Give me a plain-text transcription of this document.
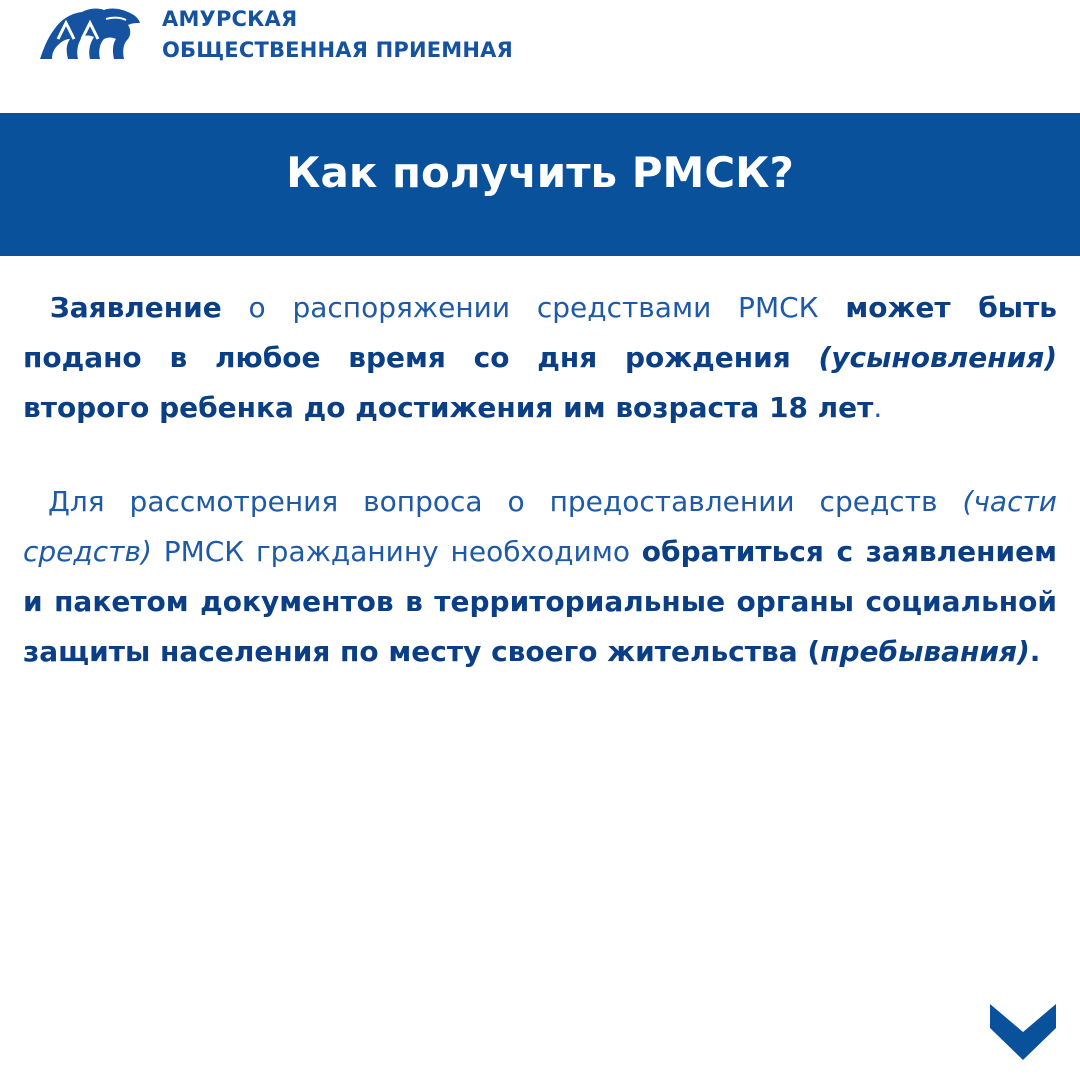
АМУРСКАЯ
ОБЩЕСТВЕННАЯ ПРИЕМНАЯ
Как получить РМСК?

Заявление о распоряжении средствами РМСК может быть подано в любое время со дня рождения (усыновления) второго ребенка до достижения им возраста 18 лет.

Для рассмотрения вопроса о предоставлении средств (части средств) РМСК гражданину необходимо обратиться с заявлением и пакетом документов в территориальные органы социальной защиты населения по месту своего жительства (пребывания).
